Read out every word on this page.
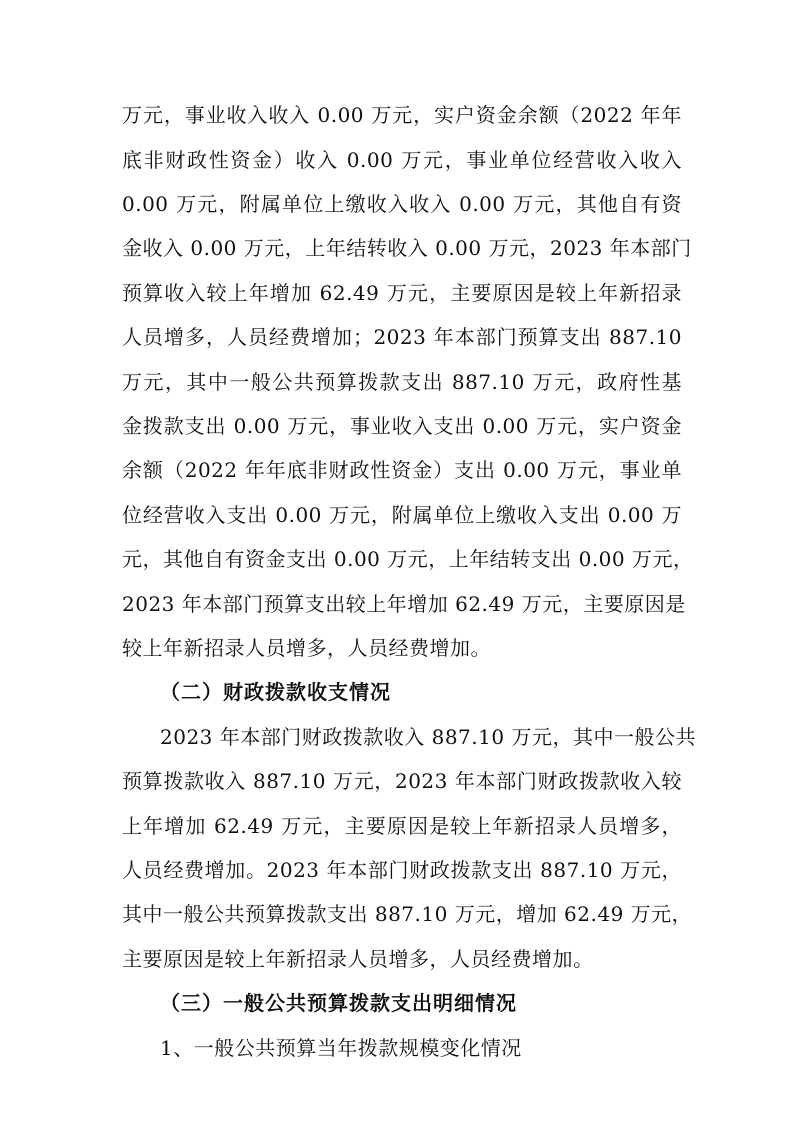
万元，事业收入收入 0.00 万元，实户资金余额（2022 年年
底非财政性资金）收入 0.00 万元，事业单位经营收入收入
0.00 万元，附属单位上缴收入收入 0.00 万元，其他自有资
金收入 0.00 万元，上年结转收入 0.00 万元，2023 年本部门
预算收入较上年增加 62.49 万元，主要原因是较上年新招录
人员增多，人员经费增加；2023 年本部门预算支出 887.10
万元，其中一般公共预算拨款支出 887.10 万元，政府性基
金拨款支出 0.00 万元，事业收入支出 0.00 万元，实户资金
余额（2022 年年底非财政性资金）支出 0.00 万元，事业单
位经营收入支出 0.00 万元，附属单位上缴收入支出 0.00 万
元，其他自有资金支出 0.00 万元，上年结转支出 0.00 万元，
2023 年本部门预算支出较上年增加 62.49 万元，主要原因是
较上年新招录人员增多，人员经费增加。
（二）财政拨款收支情况
2023 年本部门财政拨款收入 887.10 万元，其中一般公共
预算拨款收入 887.10 万元，2023 年本部门财政拨款收入较
上年增加 62.49 万元，主要原因是较上年新招录人员增多，
人员经费增加。2023 年本部门财政拨款支出 887.10 万元，
其中一般公共预算拨款支出 887.10 万元，增加 62.49 万元，
主要原因是较上年新招录人员增多，人员经费增加。
（三）一般公共预算拨款支出明细情况
1、一般公共预算当年拨款规模变化情况
